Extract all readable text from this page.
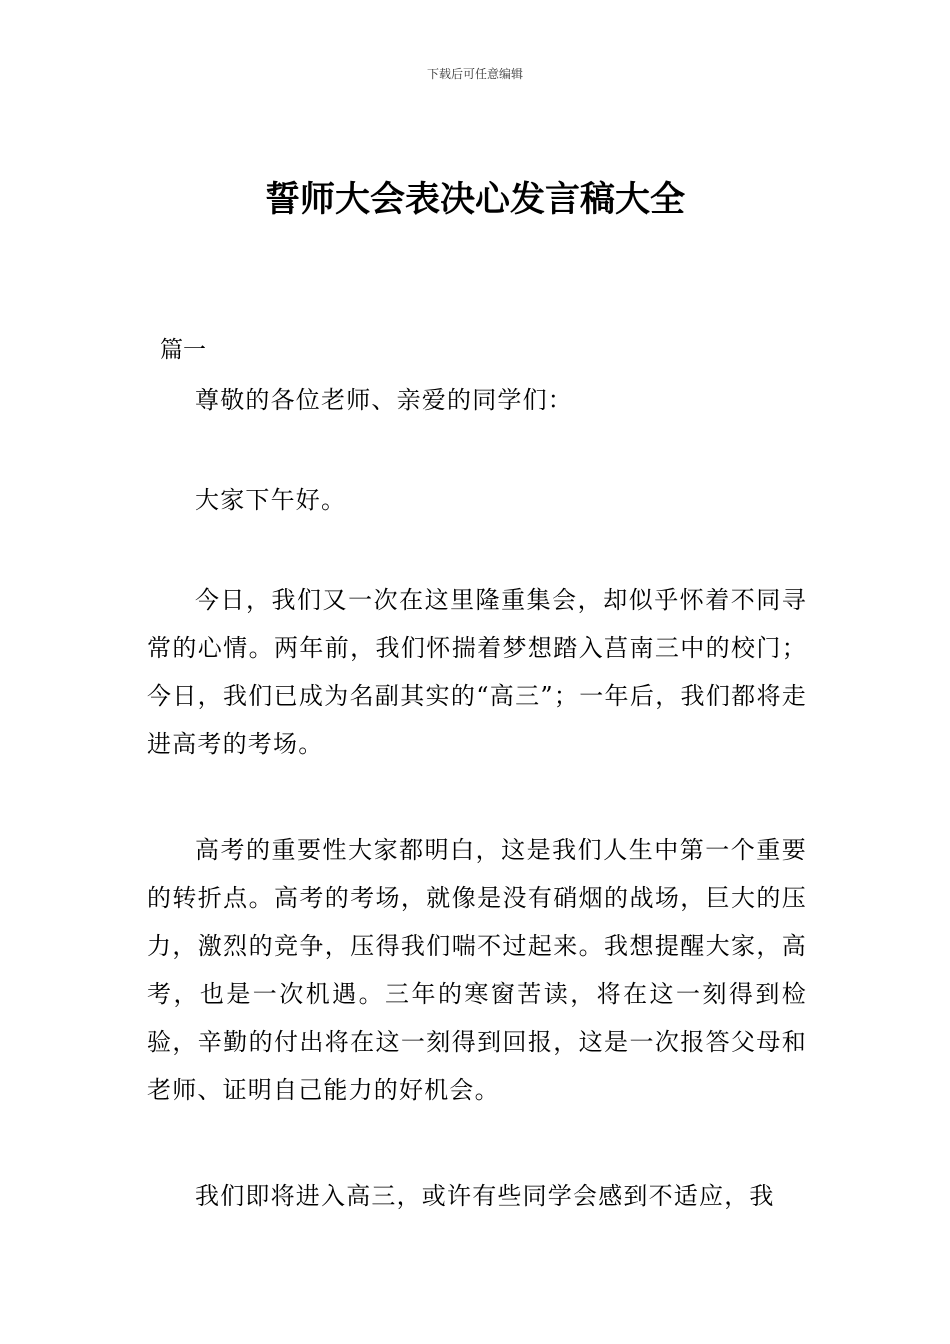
下载后可任意编辑
誓师大会表决心发言稿大全
篇一

尊敬的各位老师、亲爱的同学们：

大家下午好。

今日，我们又一次在这里隆重集会，却似乎怀着不同寻常的心情。两年前，我们怀揣着梦想踏入莒南三中的校门；今日，我们已成为名副其实的“高三”；一年后，我们都将走进高考的考场。

高考的重要性大家都明白，这是我们人生中第一个重要的转折点。高考的考场，就像是没有硝烟的战场，巨大的压力，激烈的竞争，压得我们喘不过起来。我想提醒大家，高考，也是一次机遇。三年的寒窗苦读，将在这一刻得到检验，辛勤的付出将在这一刻得到回报，这是一次报答父母和老师、证明自己能力的好机会。

我们即将进入高三，或许有些同学会感到不适应，我
